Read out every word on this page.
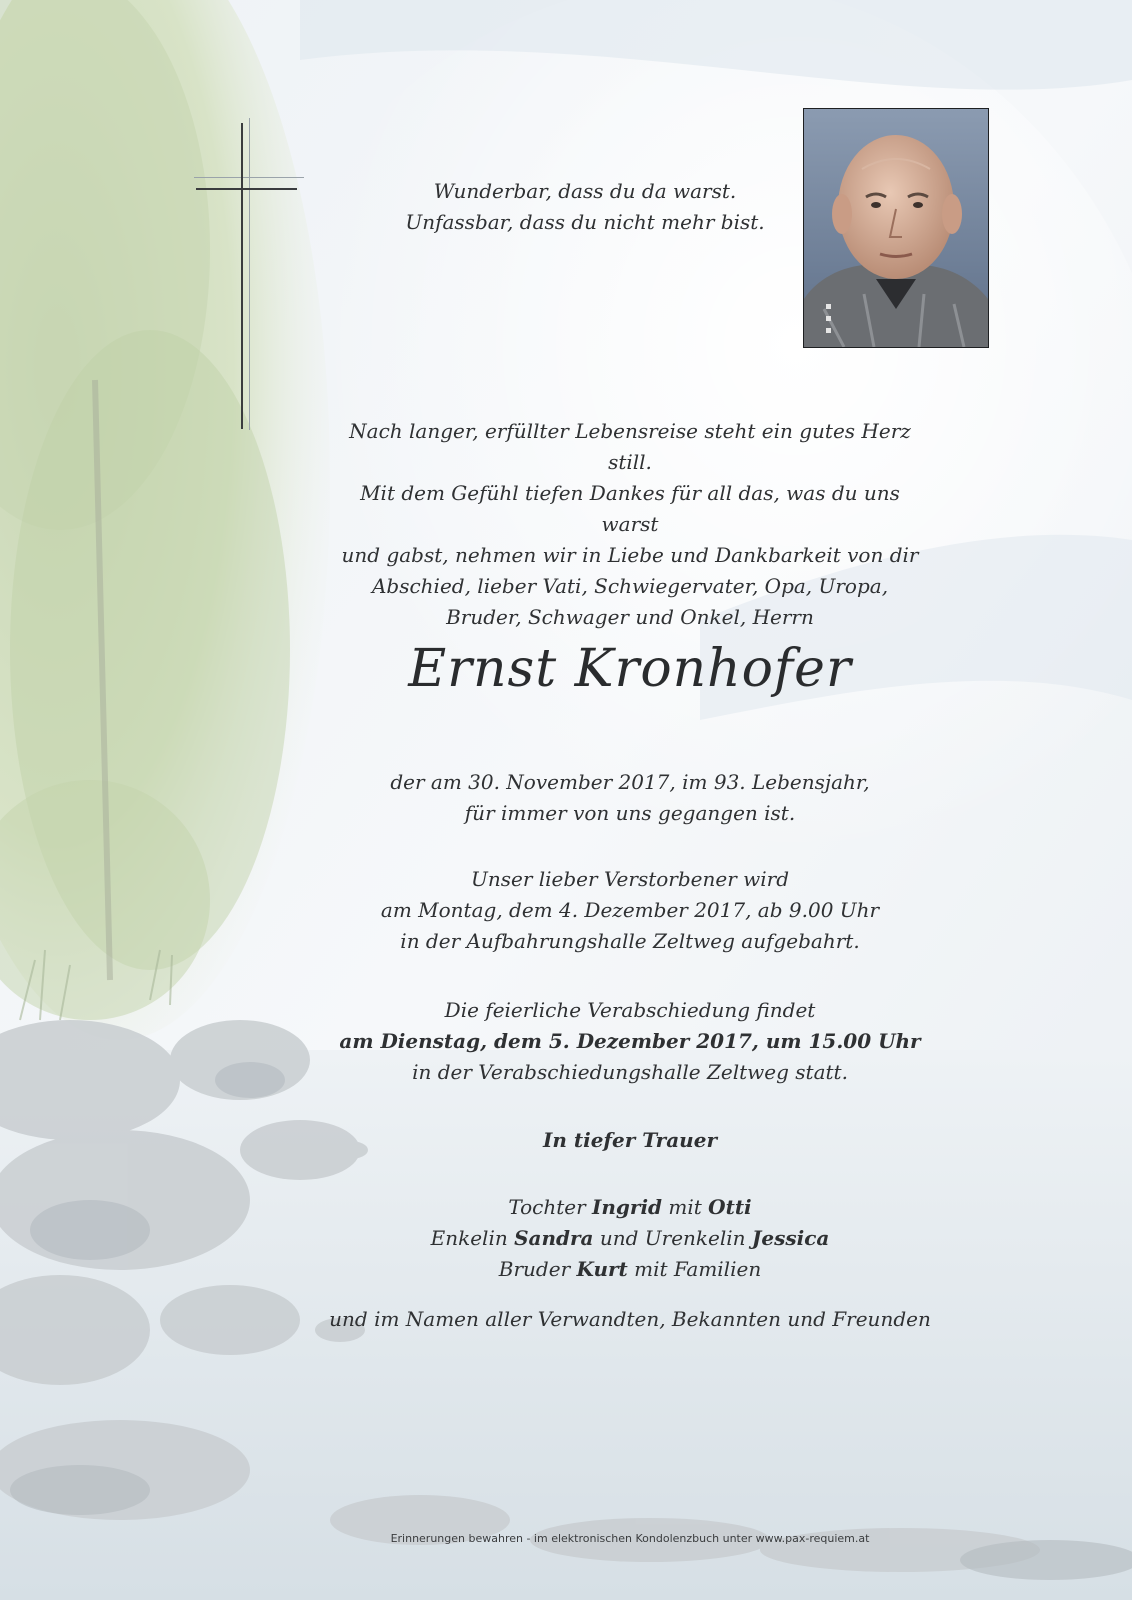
Wunderbar, dass du da warst.
Unfassbar, dass du nicht mehr bist.
Nach langer, erfüllter Lebensreise steht ein gutes Herz still.
Mit dem Gefühl tiefen Dankes für all das, was du uns warst
und gabst, nehmen wir in Liebe und Dankbarkeit von dir
Abschied, lieber Vati, Schwiegervater, Opa, Uropa,
Bruder, Schwager und Onkel, Herrn
Ernst Kronhofer
der am 30. November 2017, im 93. Lebensjahr,
für immer von uns gegangen ist.
Unser lieber Verstorbener wird
am Montag, dem 4. Dezember 2017, ab 9.00 Uhr
in der Aufbahrungshalle Zeltweg aufgebahrt.
Die feierliche Verabschiedung findet
am Dienstag, dem 5. Dezember 2017, um 15.00 Uhr
in der Verabschiedungshalle Zeltweg statt.
In tiefer Trauer
Tochter Ingrid mit Otti
Enkelin Sandra und Urenkelin Jessica
Bruder Kurt mit Familien
und im Namen aller Verwandten, Bekannten und Freunden
Erinnerungen bewahren - im elektronischen Kondolenzbuch unter www.pax-requiem.at
